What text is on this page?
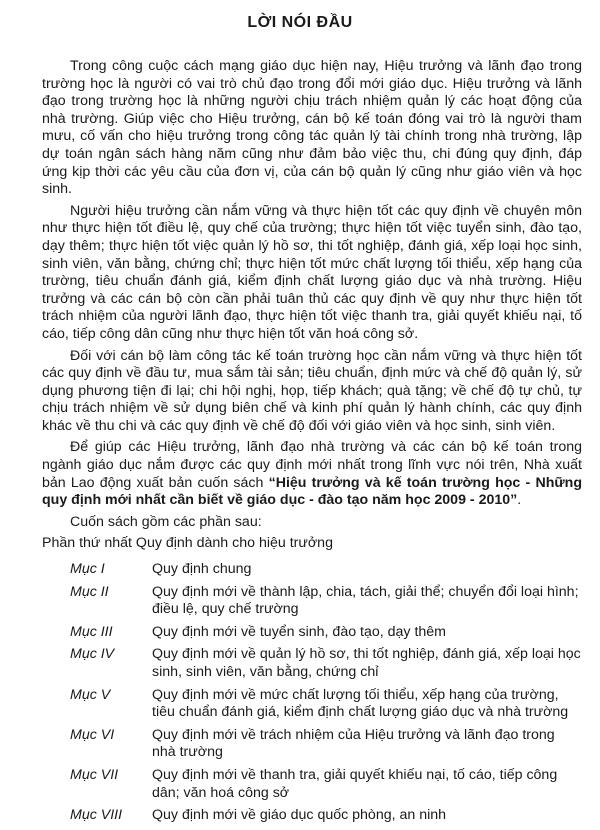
LỜI NÓI ĐẦU

Trong công cuộc cách mạng giáo dục hiện nay, Hiệu trưởng và lãnh đạo trong trường học là người có vai trò chủ đạo trong đổi mới giáo dục. Hiệu trưởng và lãnh đạo trong trường học là những người chịu trách nhiệm quản lý các hoạt động của nhà trường. Giúp việc cho Hiệu trưởng, cán bộ kế toán đóng vai trò là người tham mưu, cố vấn cho hiệu trưởng trong công tác quản lý tài chính trong nhà trường, lập dự toán ngân sách hàng năm cũng như đảm bảo việc thu, chi đúng quy định, đáp ứng kịp thời các yêu cầu của đơn vị, của cán bộ quản lý cũng như giáo viên và học sinh.

Người hiệu trưởng cần nắm vững và thực hiện tốt các quy định về chuyên môn như thực hiện tốt điều lệ, quy chế của trường; thực hiện tốt việc tuyển sinh, đào tạo, dạy thêm; thực hiện tốt việc quản lý hồ sơ, thi tốt nghiệp, đánh giá, xếp loại học sinh, sinh viên, văn bằng, chứng chỉ; thực hiện tốt mức chất lượng tối thiểu, xếp hạng của trường, tiêu chuẩn đánh giá, kiểm định chất lượng giáo dục và nhà trường. Hiệu trưởng và các cán bộ còn cần phải tuân thủ các quy định về quy như thực hiện tốt trách nhiệm của người lãnh đạo, thực hiện tốt việc thanh tra, giải quyết khiếu nại, tố cáo, tiếp công dân cũng như thực hiện tốt văn hoá công sở.

Đối với cán bộ làm công tác kế toán trường học cần nắm vững và thực hiện tốt các quy định về đầu tư, mua sắm tài sản; tiêu chuẩn, định mức và chế độ quản lý, sử dụng phương tiện đi lại; chi hội nghị, họp, tiếp khách; quà tặng; về chế độ tự chủ, tự chịu trách nhiệm về sử dụng biên chế và kinh phí quản lý hành chính, các quy định khác về thu chi và các quy định về chế độ đối với giáo viên và học sinh, sinh viên.

Để giúp các Hiệu trưởng, lãnh đạo nhà trường và các cán bộ kế toán trong ngành giáo dục nắm được các quy định mới nhất trong lĩnh vực nói trên, Nhà xuất bản Lao động xuất bản cuốn sách “Hiệu trưởng và kế toán trường học - Những quy định mới nhất cần biết về giáo dục - đào tạo năm học 2009 - 2010”.

Cuốn sách gồm các phần sau:
Phần thứ nhất Quy định dành cho hiệu trưởng
Mục I	Quy định chung
Mục II	Quy định mới về thành lập, chia, tách, giải thể; chuyển đổi loại hình; điều lệ, quy chế trường
Mục III	Quy định mới về tuyển sinh, đào tạo, dạy thêm
Mục IV	Quy định mới về quản lý hồ sơ, thi tốt nghiệp, đánh giá, xếp loại học sinh, sinh viên, văn bằng, chứng chỉ
Mục V	Quy định mới về mức chất lượng tối thiểu, xếp hạng của trường, tiêu chuẩn đánh giá, kiểm định chất lượng giáo dục và nhà trường
Mục VI	Quy định mới về trách nhiệm của Hiệu trưởng và lãnh đạo trong nhà trường
Mục VII	Quy định mới về thanh tra, giải quyết khiếu nại, tố cáo, tiếp công dân; văn hoá công sở
Mục VIII	Quy định mới về giáo dục quốc phòng, an ninh
